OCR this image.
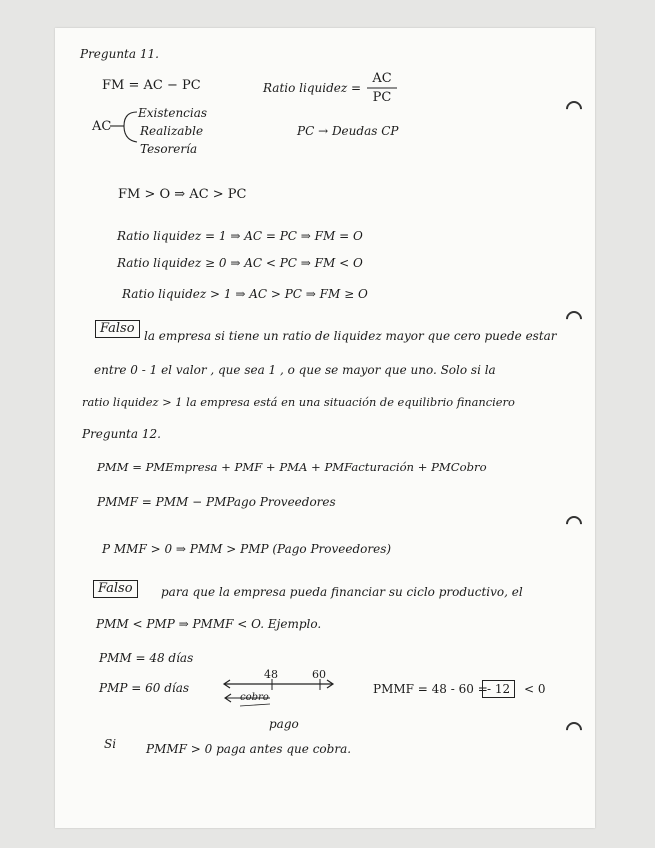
Pregunta 11.
FM = AC − PC	Ratio liquidez =
AC
PC
AC
Existencias
Realizable
Tesorería
PC → Deudas CP
FM > O ⇒ AC > PC
Ratio liquidez = 1 ⇒ AC = PC ⇒ FM = O
Ratio liquidez ≥ 0 ⇒ AC < PC ⇒ FM < O
Ratio liquidez > 1 ⇒ AC > PC ⇒ FM ≥ O
Falso la empresa si tiene un ratio de liquidez mayor que cero puede estar
entre 0 - 1 el valor , que sea 1 , o que se mayor que uno. Solo si la
ratio liquidez > 1 la empresa está en una situación de equilibrio financiero
Pregunta 12.
PMM = PMEmpresa + PMF + PMA + PMFacturación + PMCobro
PMMF = PMM − PMPago Proveedores
P MMF > 0 ⇒ PMM > PMP (Pago Proveedores)
Falso	para que la empresa pueda financiar su ciclo productivo, el
PMM < PMP ⇒ PMMF < O. Ejemplo.
PMM = 48 días
PMP = 60 días
48	60
cobro
pago
PMMF = 48 - 60 = - 12	< 0
Si PMMF > 0 paga antes que cobra.
